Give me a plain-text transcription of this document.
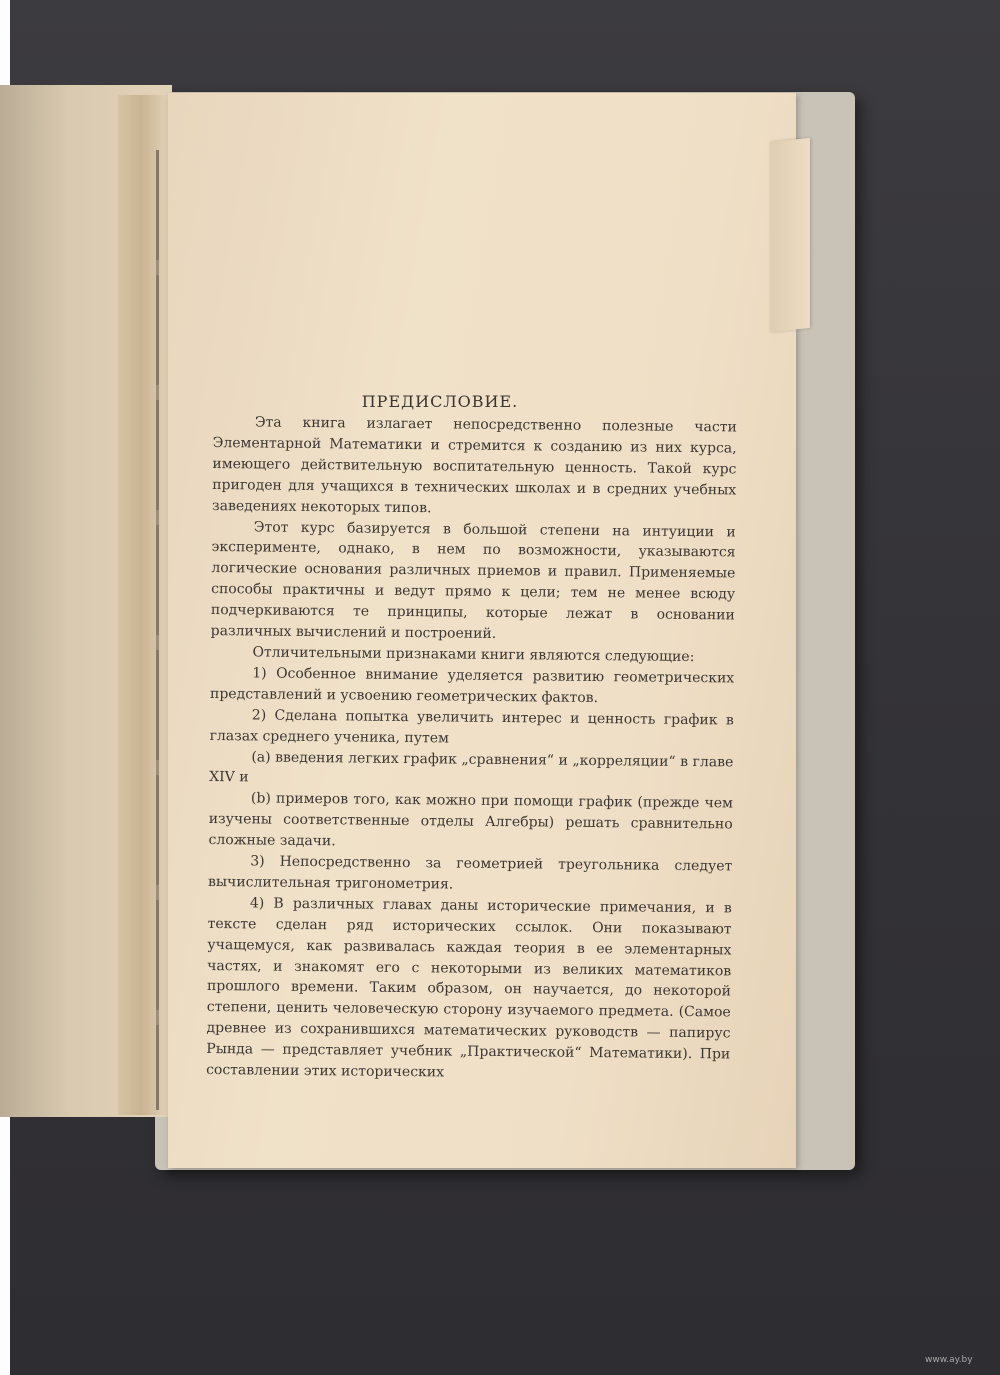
ПРЕДИСЛОВИЕ.

Эта книга излагает непосредственно полезные части Элементарной Математики и стремится к созданию из них курса, имеющего действительную воспитательную ценность. Такой курс пригоден для учащихся в технических школах и в средних учебных заведениях некоторых типов.

Этот курс базируется в большой степени на интуиции и эксперименте, однако, в нем по возможности, указываются логические основания различных приемов и правил. Применяемые способы практичны и ведут прямо к цели; тем не менее всюду подчеркиваются те принципы, которые лежат в основании различных вычислений и построений.

Отличительными признаками книги являются следующие:

1) Особенное внимание уделяется развитию геометрических представлений и усвоению геометрических фактов.

2) Сделана попытка увеличить интерес и ценность график в глазах среднего ученика, путем

(a) введения легких график „сравнения“ и „корреляции“ в главе XIV и

(b) примеров того, как можно при помощи график (прежде чем изучены соответственные отделы Алгебры) решать сравнительно сложные задачи.

3) Непосредственно за геометрией треугольника следует вычислительная тригонометрия.

4) В различных главах даны исторические примечания, и в тексте сделан ряд исторических ссылок. Они показывают учащемуся, как развивалась каждая теория в ее элементарных частях, и знакомят его с некоторыми из великих математиков прошлого времени. Таким образом, он научается, до некоторой степени, ценить человеческую сторону изучаемого предмета. (Самое древнее из сохранившихся математических руководств — папирус Рында — представляет учебник „Практической“ Математики). При составлении этих исторических

www.ay.by
